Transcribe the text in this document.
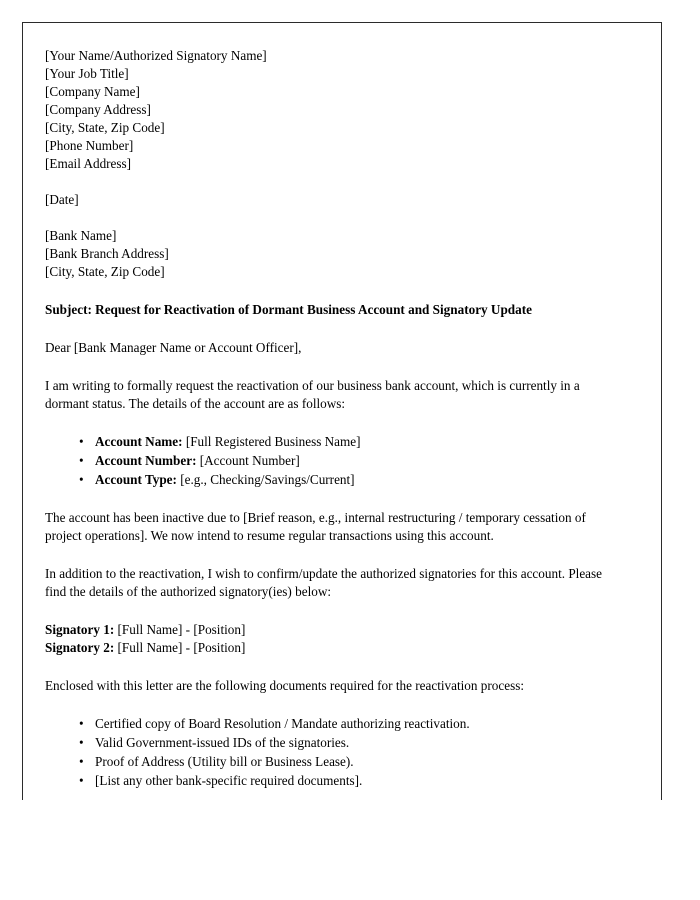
[Your Name/Authorized Signatory Name]
[Your Job Title]
[Company Name]
[Company Address]
[City, State, Zip Code]
[Phone Number]
[Email Address]
[Date]
[Bank Name]
[Bank Branch Address]
[City, State, Zip Code]
Subject: Request for Reactivation of Dormant Business Account and Signatory Update
Dear [Bank Manager Name or Account Officer],
I am writing to formally request the reactivation of our business bank account, which is currently in a dormant status. The details of the account are as follows:
• Account Name: [Full Registered Business Name]
• Account Number: [Account Number]
• Account Type: [e.g., Checking/Savings/Current]
The account has been inactive due to [Brief reason, e.g., internal restructuring / temporary cessation of project operations]. We now intend to resume regular transactions using this account.
In addition to the reactivation, I wish to confirm/update the authorized signatories for this account. Please find the details of the authorized signatory(ies) below:
Signatory 1: [Full Name] - [Position]
Signatory 2: [Full Name] - [Position]
Enclosed with this letter are the following documents required for the reactivation process:
• Certified copy of Board Resolution / Mandate authorizing reactivation.
• Valid Government-issued IDs of the signatories.
• Proof of Address (Utility bill or Business Lease).
• [List any other bank-specific required documents].
